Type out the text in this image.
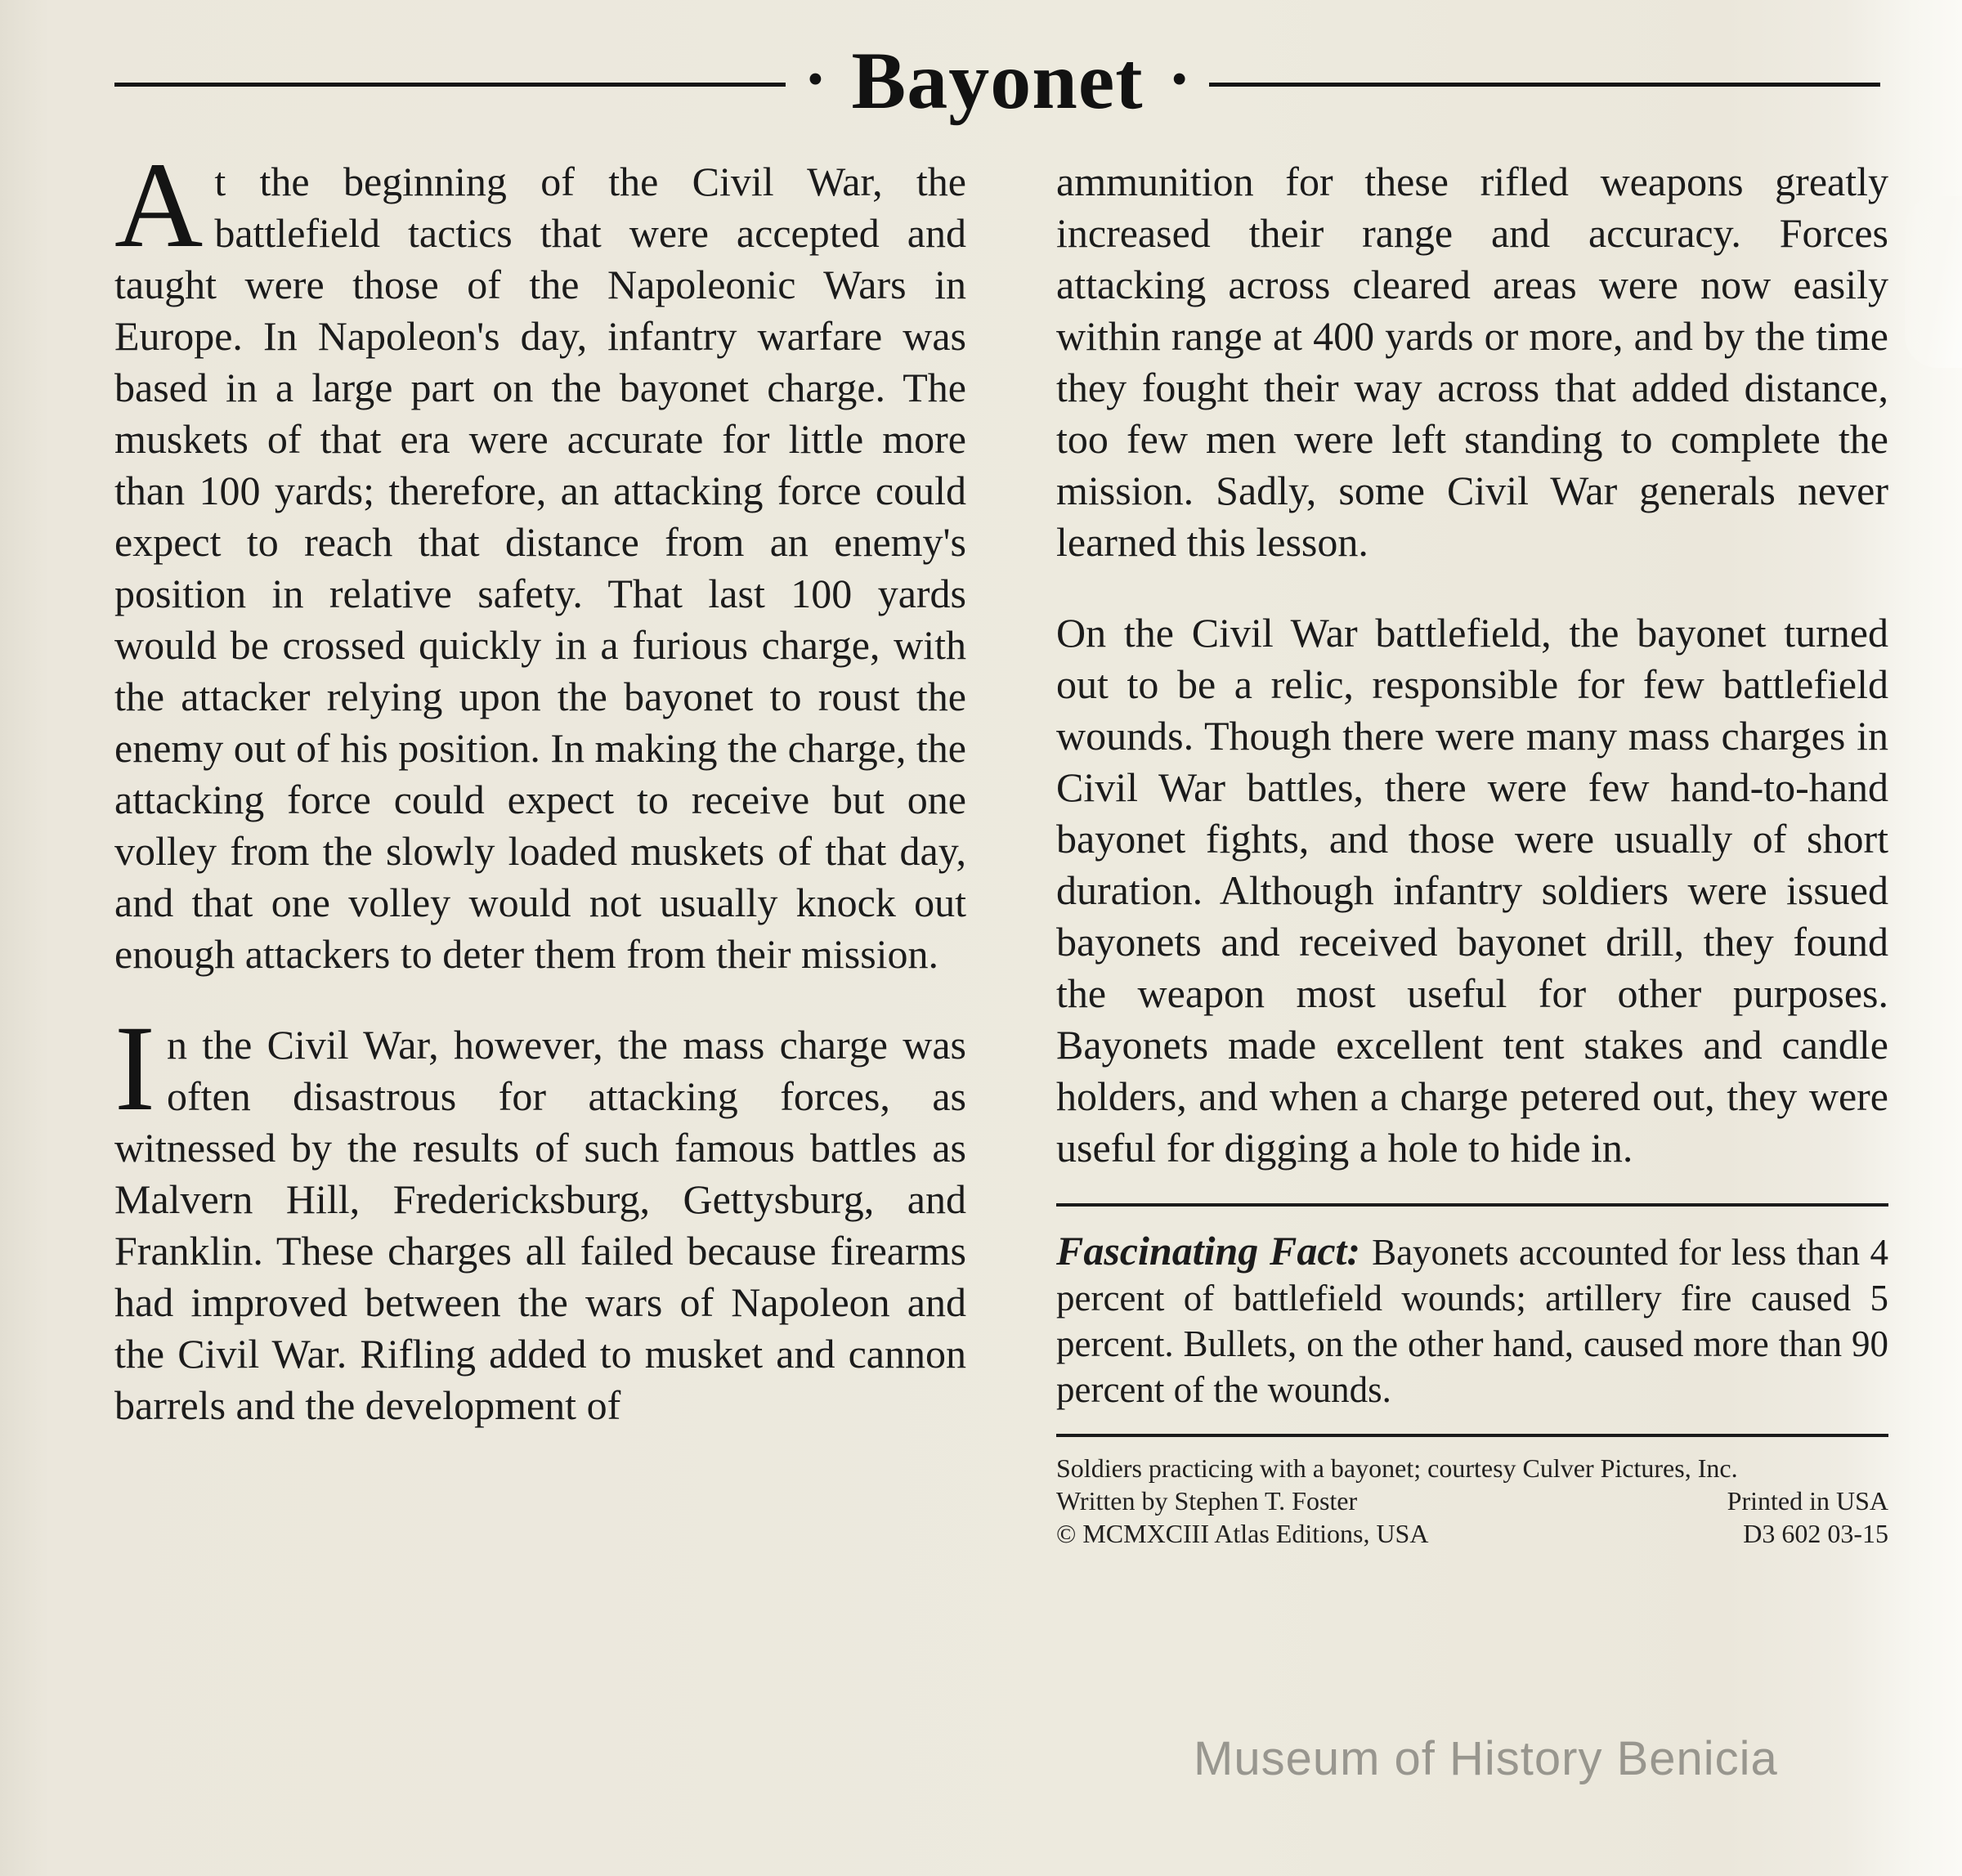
• Bayonet •

At the beginning of the Civil War, the battlefield tactics that were accepted and taught were those of the Napoleonic Wars in Europe. In Napoleon's day, infantry warfare was based in a large part on the bayonet charge. The muskets of that era were accurate for little more than 100 yards; therefore, an attacking force could expect to reach that distance from an enemy's position in relative safety. That last 100 yards would be crossed quickly in a furious charge, with the attacker relying upon the bayonet to roust the enemy out of his position. In making the charge, the attacking force could expect to receive but one volley from the slowly loaded muskets of that day, and that one volley would not usually knock out enough attackers to deter them from their mission.

In the Civil War, however, the mass charge was often disastrous for attacking forces, as witnessed by the results of such famous battles as Malvern Hill, Fredericksburg, Gettysburg, and Franklin. These charges all failed because firearms had improved between the wars of Napoleon and the Civil War. Rifling added to musket and cannon barrels and the development of

ammunition for these rifled weapons greatly increased their range and accuracy. Forces attacking across cleared areas were now easily within range at 400 yards or more, and by the time they fought their way across that added distance, too few men were left standing to complete the mission. Sadly, some Civil War generals never learned this lesson.

On the Civil War battlefield, the bayonet turned out to be a relic, responsible for few battlefield wounds. Though there were many mass charges in Civil War battles, there were few hand-to-hand bayonet fights, and those were usually of short duration. Although infantry soldiers were issued bayonets and received bayonet drill, they found the weapon most useful for other purposes. Bayonets made excellent tent stakes and candle holders, and when a charge petered out, they were useful for digging a hole to hide in.

Fascinating Fact: Bayonets accounted for less than 4 percent of battlefield wounds; artillery fire caused 5 percent. Bullets, on the other hand, caused more than 90 percent of the wounds.

Soldiers practicing with a bayonet; courtesy Culver Pictures, Inc.
Written by Stephen T. Foster	Printed in USA
© MCMXCIII Atlas Editions, USA	D3 602 03-15
Museum of History Benicia
